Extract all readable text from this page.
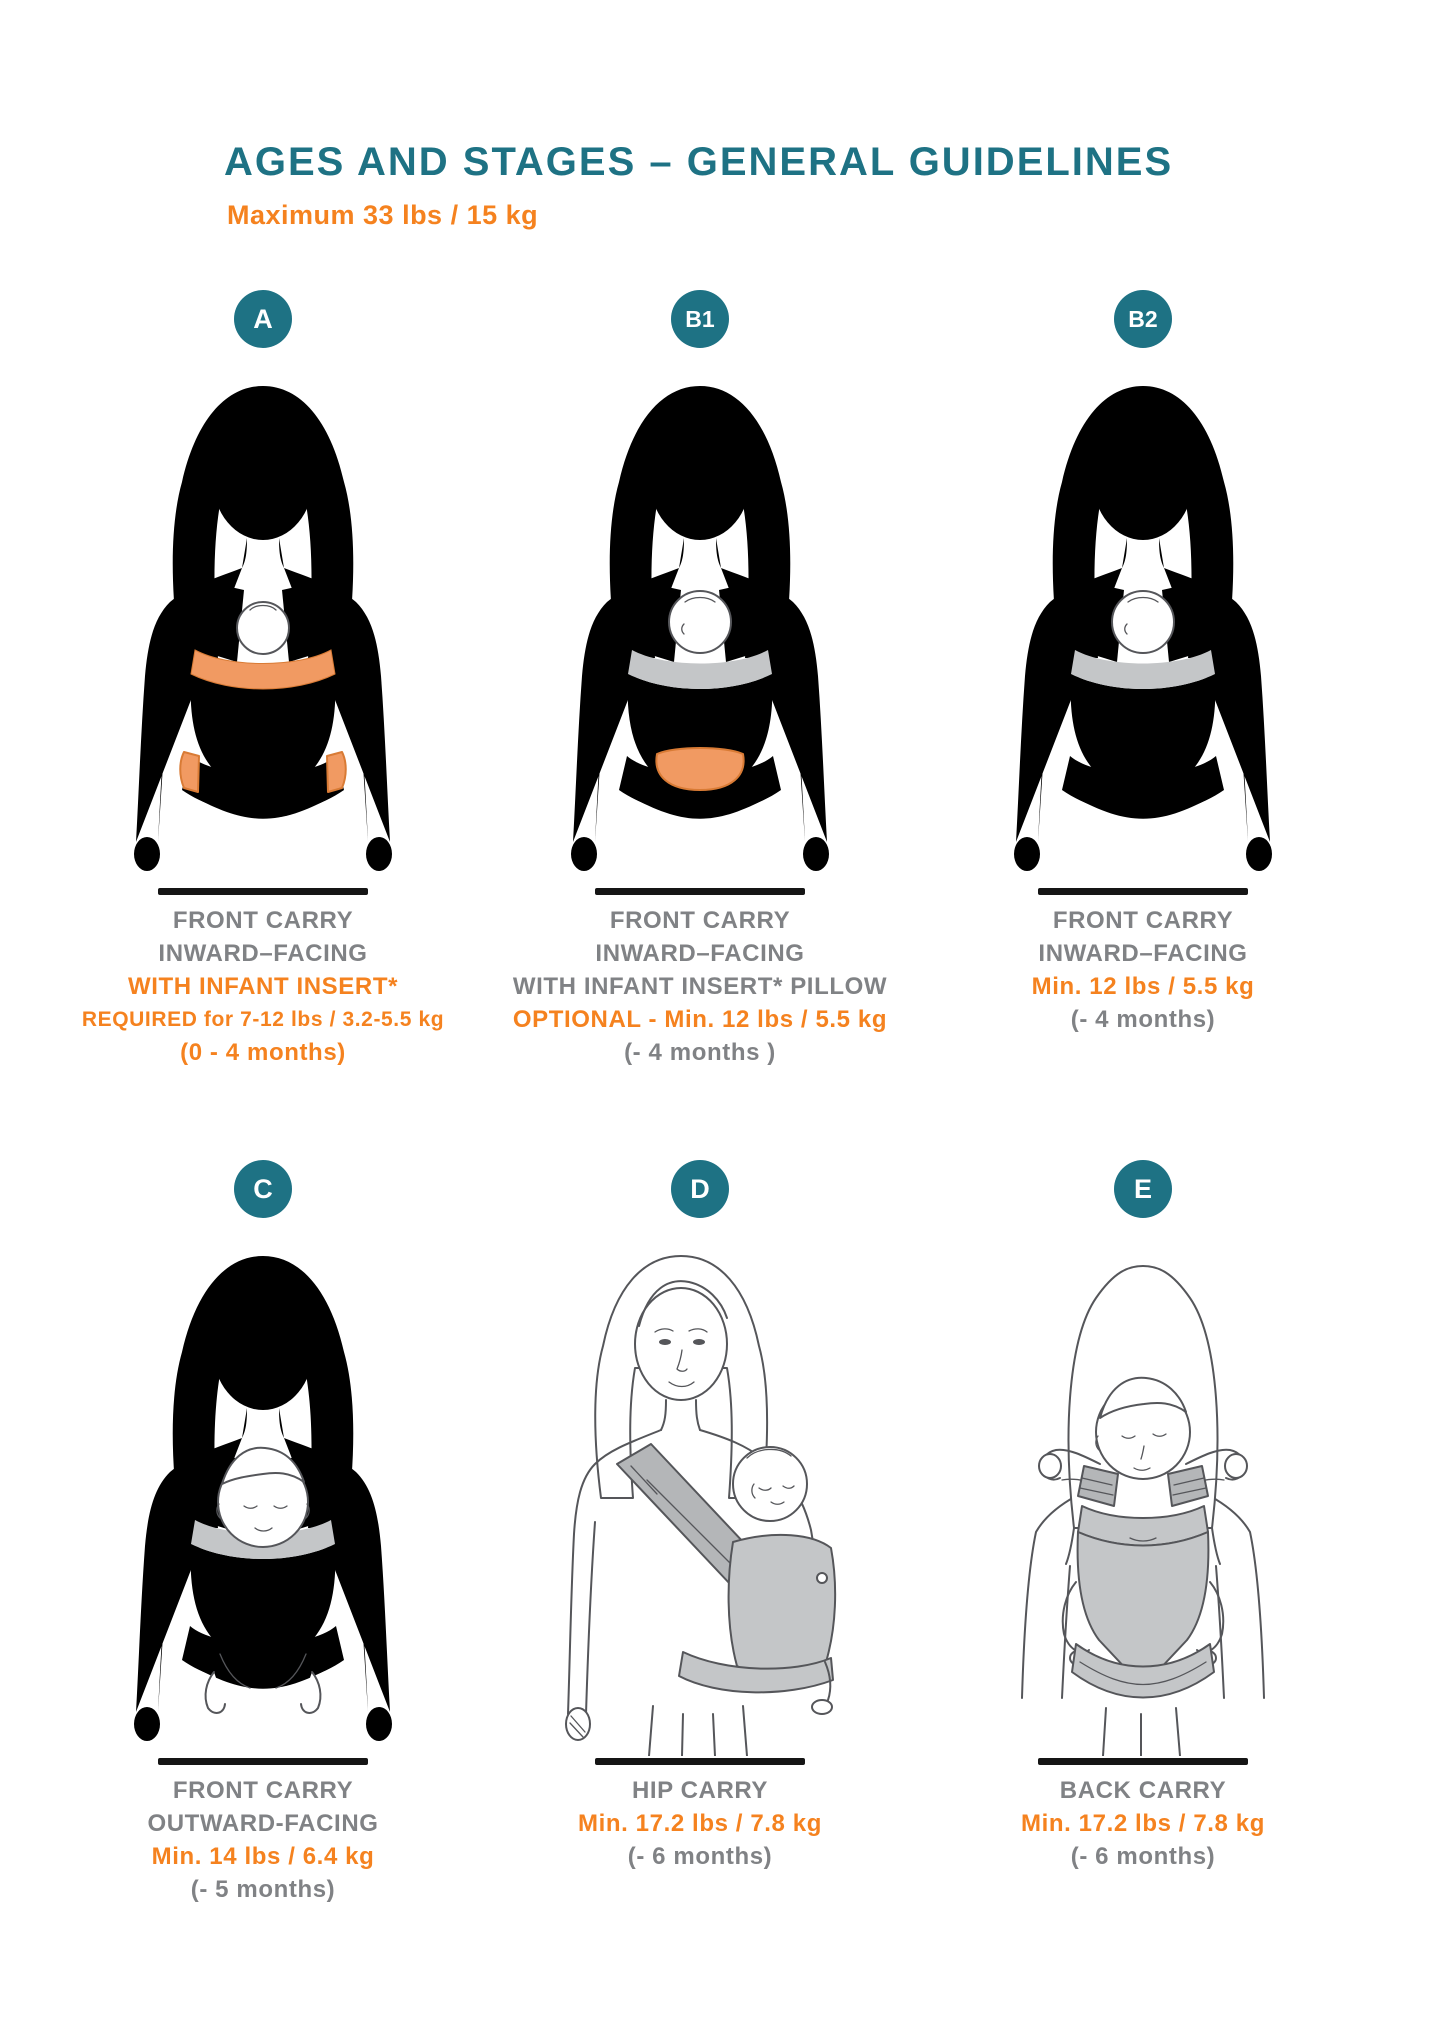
AGES AND STAGES – GENERAL GUIDELINES
Maximum 33 lbs / 15 kg
A
FRONT CARRY
INWARD–FACING
WITH INFANT INSERT*
REQUIRED for 7-12 lbs / 3.2-5.5 kg
(0 - 4 months)
B1
FRONT CARRY
INWARD–FACING
WITH INFANT INSERT* PILLOW
OPTIONAL - Min. 12 lbs / 5.5 kg
(- 4 months )
B2
FRONT CARRY
INWARD–FACING
Min. 12 lbs / 5.5 kg
(- 4 months)
C
FRONT CARRY
OUTWARD-FACING
Min. 14 lbs / 6.4 kg
(- 5 months)
D
HIP CARRY
Min. 17.2 lbs / 7.8 kg
(- 6 months)
E
BACK CARRY
Min. 17.2 lbs / 7.8 kg
(- 6 months)
